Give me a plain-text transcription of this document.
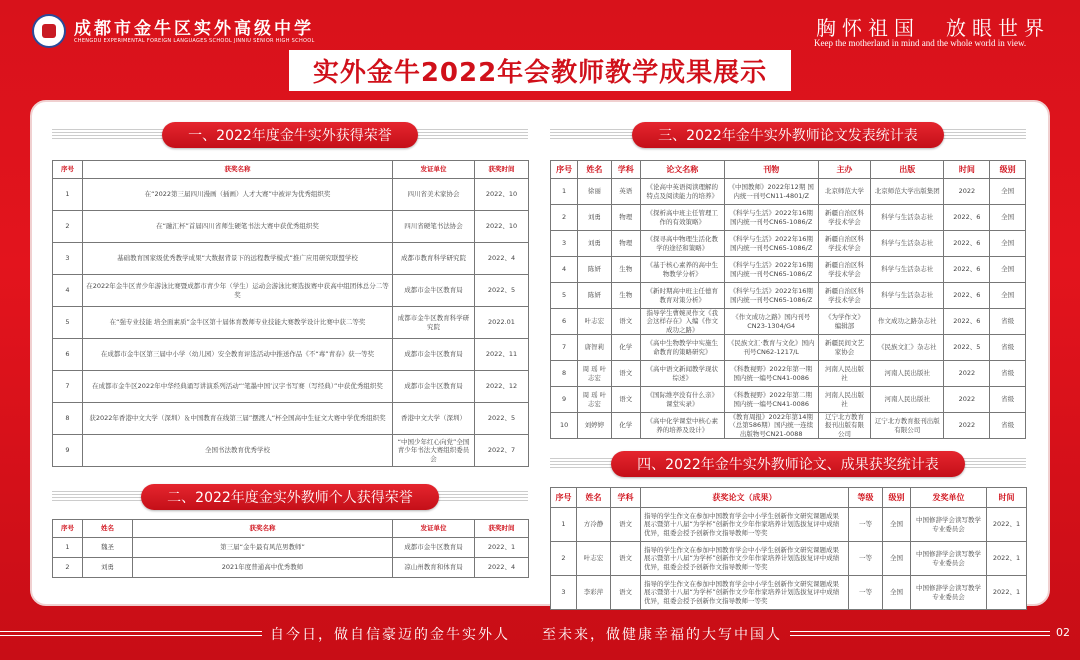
成都市金牛区实外高级中学
CHENGDU EXPERIMENTAL FOREIGN LANGUAGES SCHOOL JINNIU SENIOR HIGH SCHOOL
胸怀祖国　放眼世界
Keep the motherland in mind and the whole world in view.
实外金牛2022年会教师教学成果展示
一、2022年度金牛实外获得荣誉
二、2022年度金实外教师个人获得荣誉
三、2022年金牛实外教师论文发表统计表
四、2022年金牛实外教师论文、成果获奖统计表
序号	获奖名称	发证单位	获奖时间
1	在“2022第三届四川漫画（插画）人才大赛”中被评为优秀组织奖	四川省美术家协会	2022、10
2	在“融汇杯”首届四川省师生硬笔书法大赛中获优秀组织奖	四川省硬笔书法协会	2022、10
3	基础教育国家级优秀教学成果“大数据背景下的远程教学模式”推广应用研究联盟学校	成都市教育科学研究院	2022、4
4	在2022年金牛区青少年游泳比赛暨成都市青少年（学生）运动会游泳比赛选拔赛中获高中组团体总分二等奖	成都市金牛区教育局	2022、5
5	在“强专业技能 培全面素质”金牛区第十届体育教师专业技能大赛教学设计比赛中获二等奖	成都市金牛区教育科学研究院	2022.01
6	在成都市金牛区第三届中小学（幼儿园）安全教育评选活动中推送作品《不“毒”青春》获一等奖	成都市金牛区教育局	2022、11
7	在成都市金牛区2022年中华经典诵写讲演系列活动“‘笔墨中国’汉字书写赛（写经典）”中获优秀组织奖	成都市金牛区教育局	2022、12
8	获2022年香港中文大学（深圳）＆中国教育在线第三届”摆渡人“杯全国高中生征文大赛中学优秀组织奖	香港中文大学（深圳）	2022、5
9	全国书法教育优秀学校	“中国少年红心向党”全国青少年书法大赛组织委员会	2022、7
序号	姓名	获奖名称	发证单位	获奖时间
1	魏圣	第三届“金牛最有风范男教师”	成都市金牛区教育局	2022、1
2	刘勇	2021年度普通高中优秀教师	凉山州教育和体育局	2022、4
序号	姓名	学科	论文名称	刊物	主办	出版	时间	级别
1	徐丽	英语	《论高中英语阅读理解的特点及阅读能力的培养》	《中国教师》2022年12期 国内统一刊号CN11-4801/Z	北京师范大学	北京师范大学出版集团	2022	全国
2	刘勇	物理	《探析高中班主任管理工作的有效策略》	《科学与生活》2022年16期 国内统一刊号CN65-1086/Z	新疆自治区科学技术学会	科学与生活杂志社	2022、6	全国
3	刘勇	物理	《探寻高中物理生活化教学的途径和策略》	《科学与生活》2022年16期 国内统一刊号CN65-1086/Z	新疆自治区科学技术学会	科学与生活杂志社	2022、6	全国
4	陈妍	生物	《基于核心素养的高中生物教学分析》	《科学与生活》2022年16期 国内统一刊号CN65-1086/Z	新疆自治区科学技术学会	科学与生活杂志社	2022、6	全国
5	陈妍	生物	《新时期高中班主任德育教育对策分析》	《科学与生活》2022年16期 国内统一刊号CN65-1086/Z	新疆自治区科学技术学会	科学与生活杂志社	2022、6	全国
6	叶志宏	语文	指导学生曹婉灵作文《我会这样存在》入编《作文成功之路》	《作文成功之路》国内刊号CN23-1304/G4	《为学作文》编辑部	作文成功之路杂志社	2022、6	省级
7	唐智莉	化学	《高中生物教学中实施生命教育的策略研究》	《民族文汇·教育与文化》国内刊号CN62-1217/L	新疆民间文艺家协会	《民族文汇》杂志社	2022、5	省级
8	周 瑶 叶志宏	语文	《高中语文新闻教学现状综述》	《科教视野》2022年第一期 国内统一编号CN41-0086	河南人民出版社	河南人民出版社	2022	省级
9	周 瑶 叶志宏	语文	《国际维亭没有什么亲》课堂实录》	《科教视野》2022年第二期 国内统一编号CN41-0086	河南人民出版社	河南人民出版社	2022	省级
10	刘婷婷	化学	《高中化学课堂中核心素养的培养及设计》	《教育周报》2022年第14期（总第586期）国内统一连续出版物号CN21-0088	辽宁北方教育报刊出版有限公司	辽宁北方教育报刊出版有限公司	2022	省级
序号	姓名	学科	获奖论文（成果）	等级	级别	发奖单位	时间
1	方冷静	语文	指导的学生作文在参加中国教育学会中小学生创新作文研究课题成果展示暨第十八届“为学杯”创新作文少年作家培养计划选拔复评中成绩优异，组委会授予创新作文指导教师一等奖	一等	全国	中国修辞学会读写教学专业委员会	2022、1
2	叶志宏	语文	指导的学生作文在参加中国教育学会中小学生创新作文研究课题成果展示暨第十八届“为学杯”创新作文少年作家培养计划选拔复评中成绩优异，组委会授予创新作文指导教师一等奖	一等	全国	中国修辞学会读写教学专业委员会	2022、1
3	李彩萍	语文	指导的学生作文在参加中国教育学会中小学生创新作文研究课题成果展示暨第十八届“为学杯”创新作文少年作家培养计划选拔复评中成绩优异，组委会授予创新作文指导教师一等奖	一等	全国	中国修辞学会读写教学专业委员会	2022、1
自今日，做自信豪迈的金牛实外人　　至未来，做健康幸福的大写中国人	02
